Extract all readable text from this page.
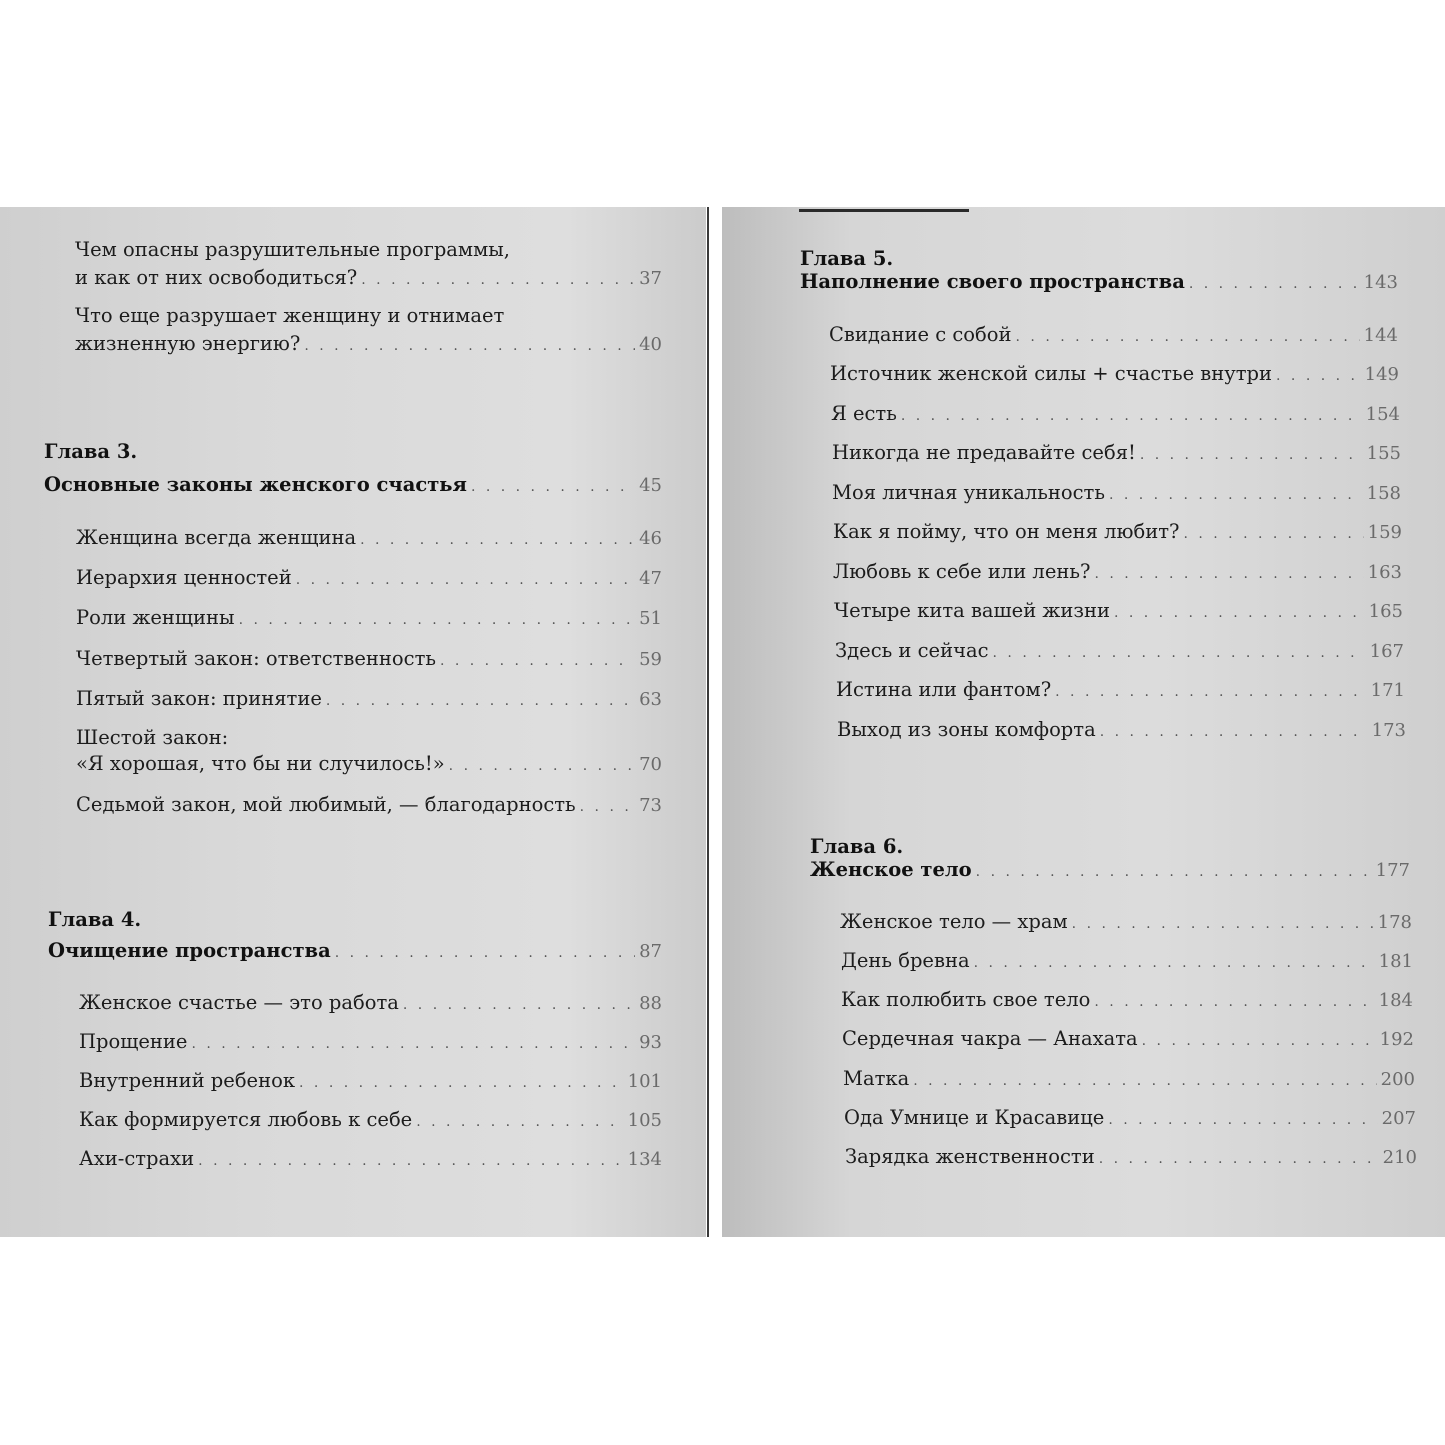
Чем опасны разрушительные программы,
и как от них освободиться? . . .	37
Что еще разрушает женщину и отнимает
жизненную энергию? . . .	40
Глава 3.
Основные законы женского счастья . . .	45
Женщина всегда женщина . . .	46
Иерархия ценностей . . .	47
Роли женщины . . .	51
Четвертый закон: ответственность . . .	59
Пятый закон: принятие . . .	63
Шестой закон:
«Я хорошая, что бы ни случилось!» . . .	70
Седьмой закон, мой любимый, — благодарность . . .	73
Глава 4.
Очищение пространства . . .	87
Женское счастье — это работа . . .	88
Прощение . . .	93
Внутренний ребенок . . .	101
Как формируется любовь к себе . . .	105
Ахи-страхи . . .	134
Глава 5.
Наполнение своего пространства . . .	143
Свидание с собой . . .	144
Источник женской силы + счастье внутри . . .	149
Я есть . . .	154
Никогда не предавайте себя! . . .	155
Моя личная уникальность . . .	158
Как я пойму, что он меня любит? . . .	159
Любовь к себе или лень? . . .	163
Четыре кита вашей жизни . . .	165
Здесь и сейчас . . .	167
Истина или фантом? . . .	171
Выход из зоны комфорта . . .	173
Глава 6.
Женское тело . . .	177
Женское тело — храм . . .	178
День бревна . . .	181
Как полюбить свое тело . . .	184
Сердечная чакра — Анахата . . .	192
Матка . . .	200
Ода Умнице и Красавице . . .	207
Зарядка женственности . . .	210
